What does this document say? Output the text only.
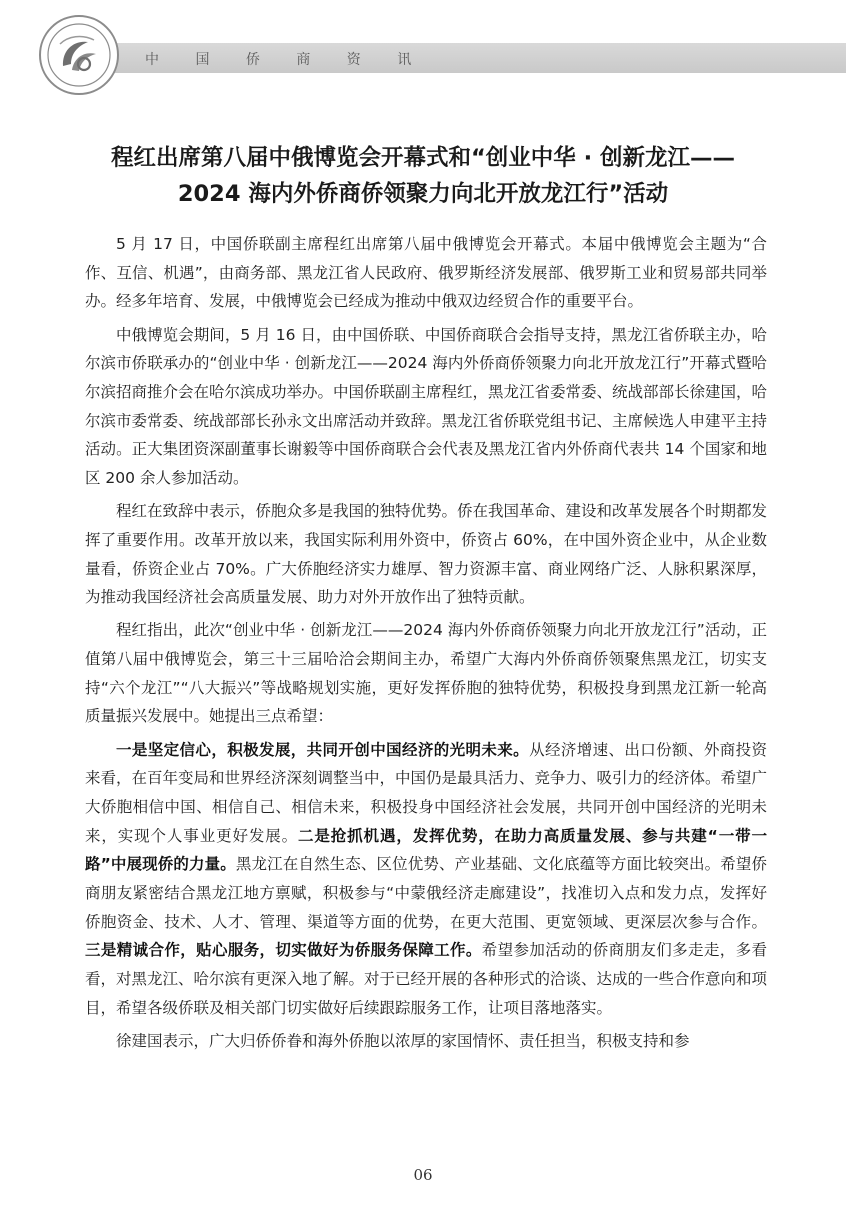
中 国 侨 商 资 讯
程红出席第八届中俄博览会开幕式和“创业中华 · 创新龙江——
2024 海内外侨商侨领聚力向北开放龙江行”活动

5 月 17 日，中国侨联副主席程红出席第八届中俄博览会开幕式。本届中俄博览会主题为“合作、互信、机遇”，由商务部、黑龙江省人民政府、俄罗斯经济发展部、俄罗斯工业和贸易部共同举办。经多年培育、发展，中俄博览会已经成为推动中俄双边经贸合作的重要平台。

中俄博览会期间，5 月 16 日，由中国侨联、中国侨商联合会指导支持，黑龙江省侨联主办，哈尔滨市侨联承办的“创业中华 · 创新龙江——2024 海内外侨商侨领聚力向北开放龙江行”开幕式暨哈尔滨招商推介会在哈尔滨成功举办。中国侨联副主席程红，黑龙江省委常委、统战部部长徐建国，哈尔滨市委常委、统战部部长孙永文出席活动并致辞。黑龙江省侨联党组书记、主席候选人申建平主持活动。正大集团资深副董事长谢毅等中国侨商联合会代表及黑龙江省内外侨商代表共 14 个国家和地区 200 余人参加活动。

程红在致辞中表示，侨胞众多是我国的独特优势。侨在我国革命、建设和改革发展各个时期都发挥了重要作用。改革开放以来，我国实际利用外资中，侨资占 60%，在中国外资企业中，从企业数量看，侨资企业占 70%。广大侨胞经济实力雄厚、智力资源丰富、商业网络广泛、人脉积累深厚，为推动我国经济社会高质量发展、助力对外开放作出了独特贡献。

程红指出，此次“创业中华 · 创新龙江——2024 海内外侨商侨领聚力向北开放龙江行”活动，正值第八届中俄博览会，第三十三届哈洽会期间主办，希望广大海内外侨商侨领聚焦黑龙江，切实支持“六个龙江”“八大振兴”等战略规划实施，更好发挥侨胞的独特优势，积极投身到黑龙江新一轮高质量振兴发展中。她提出三点希望：

一是坚定信心，积极发展，共同开创中国经济的光明未来。从经济增速、出口份额、外商投资来看，在百年变局和世界经济深刻调整当中，中国仍是最具活力、竞争力、吸引力的经济体。希望广大侨胞相信中国、相信自己、相信未来，积极投身中国经济社会发展，共同开创中国经济的光明未来，实现个人事业更好发展。二是抢抓机遇，发挥优势，在助力高质量发展、参与共建“一带一路”中展现侨的力量。黑龙江在自然生态、区位优势、产业基础、文化底蕴等方面比较突出。希望侨商朋友紧密结合黑龙江地方禀赋，积极参与“中蒙俄经济走廊建设”，找准切入点和发力点，发挥好侨胞资金、技术、人才、管理、渠道等方面的优势，在更大范围、更宽领域、更深层次参与合作。三是精诚合作，贴心服务，切实做好为侨服务保障工作。希望参加活动的侨商朋友们多走走，多看看，对黑龙江、哈尔滨有更深入地了解。对于已经开展的各种形式的洽谈、达成的一些合作意向和项目，希望各级侨联及相关部门切实做好后续跟踪服务工作，让项目落地落实。

徐建国表示，广大归侨侨眷和海外侨胞以浓厚的家国情怀、责任担当，积极支持和参

06
